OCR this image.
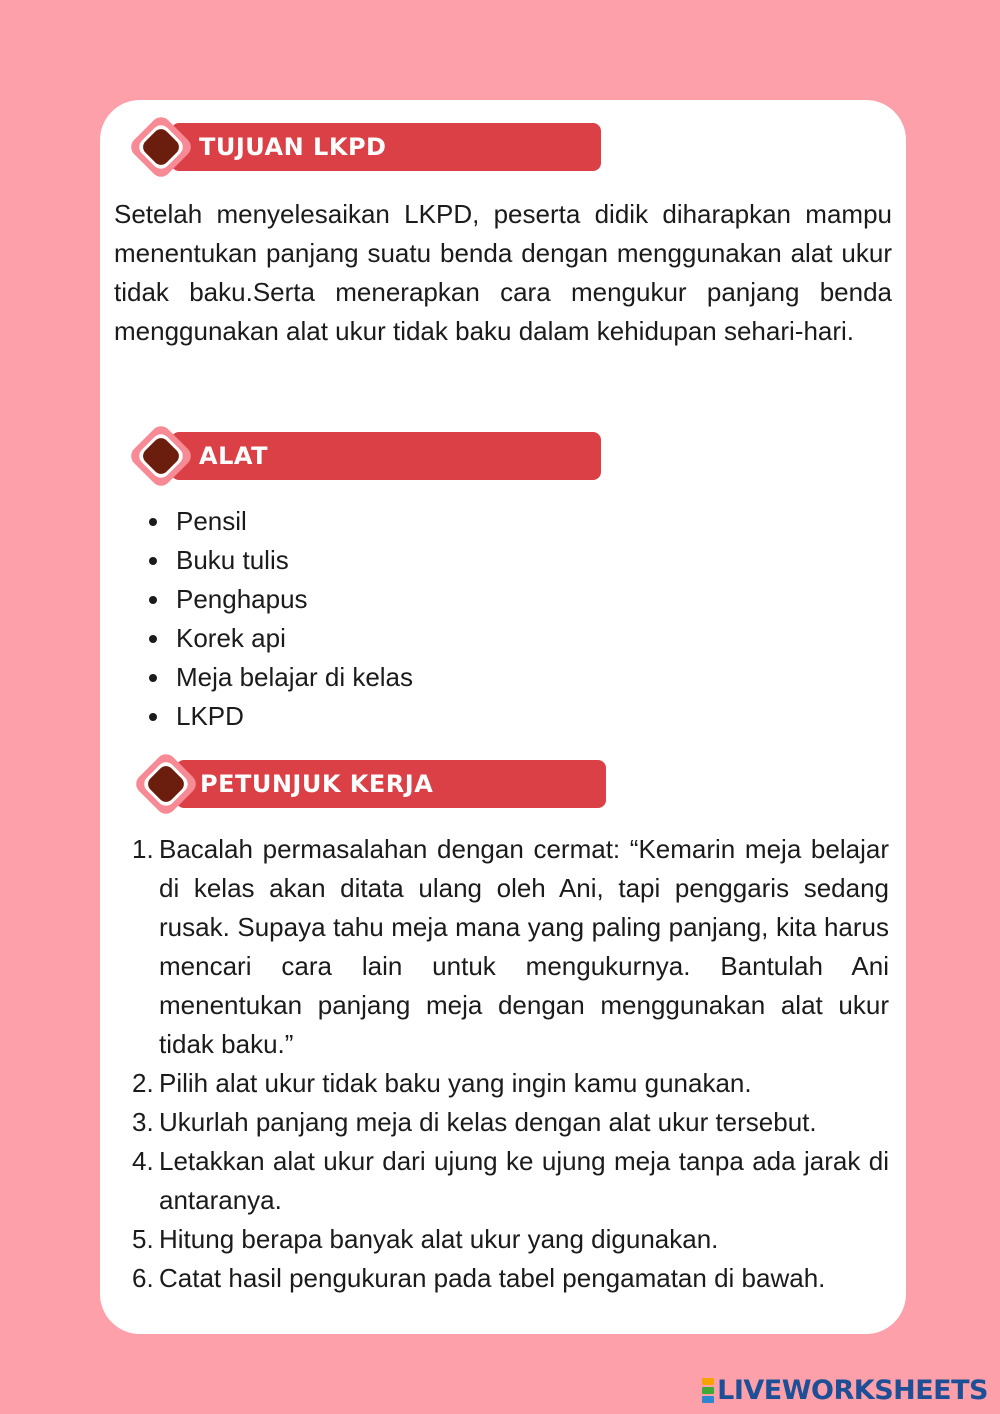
TUJUAN LKPD

Setelah menyelesaikan LKPD, peserta didik diharapkan mampu menentukan panjang suatu benda dengan menggunakan alat ukur tidak baku.Serta menerapkan cara mengukur panjang benda menggunakan alat ukur tidak baku dalam kehidupan sehari-hari.

ALAT
Pensil
Buku tulis
Penghapus
Korek api
Meja belajar di kelas
LKPD
PETUNJUK KERJA
1. Bacalah permasalahan dengan cermat: “Kemarin meja belajar di kelas akan ditata ulang oleh Ani, tapi penggaris sedang rusak. Supaya tahu meja mana yang paling panjang, kita harus mencari cara lain untuk mengukurnya. Bantulah Ani menentukan panjang meja dengan menggunakan alat ukur tidak baku.”
2. Pilih alat ukur tidak baku yang ingin kamu gunakan.
3. Ukurlah panjang meja di kelas dengan alat ukur tersebut.
4. Letakkan alat ukur dari ujung ke ujung meja tanpa ada jarak di antaranya.
5. Hitung berapa banyak alat ukur yang digunakan.
6. Catat hasil pengukuran pada tabel pengamatan di bawah.
LIVEWORKSHEETS
